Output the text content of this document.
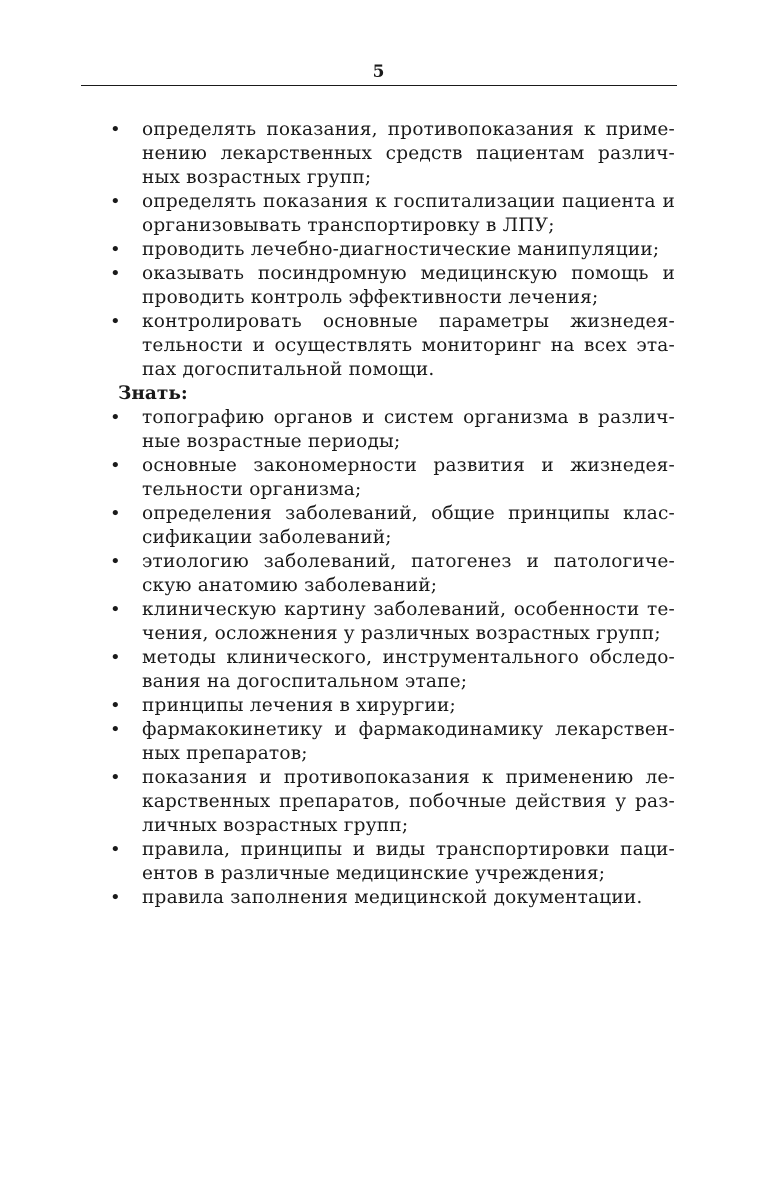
5
• определять показания, противопоказания к приме-
нению лекарственных средств пациентам различ-
ных возрастных групп;
• определять показания к госпитализации пациента и
организовывать транспортировку в ЛПУ;
• проводить лечебно-диагностические манипуляции;
• оказывать посиндромную медицинскую помощь и
проводить контроль эффективности лечения;
• контролировать основные параметры жизнедея-
тельности и осуществлять мониторинг на всех эта-
пах догоспитальной помощи.

Знать:

• топографию органов и систем организма в различ-
ные возрастные периоды;
• основные закономерности развития и жизнедея-
тельности организма;
• определения заболеваний, общие принципы клас-
сификации заболеваний;
• этиологию заболеваний, патогенез и патологиче-
скую анатомию заболеваний;
• клиническую картину заболеваний, особенности те-
чения, осложнения у различных возрастных групп;
• методы клинического, инструментального обследо-
вания на догоспитальном этапе;
• принципы лечения в хирургии;
• фармакокинетику и фармакодинамику лекарствен-
ных препаратов;
• показания и противопоказания к применению ле-
карственных препаратов, побочные действия у раз-
личных возрастных групп;
• правила, принципы и виды транспортировки паци-
ентов в различные медицинские учреждения;
• правила заполнения медицинской документации.
